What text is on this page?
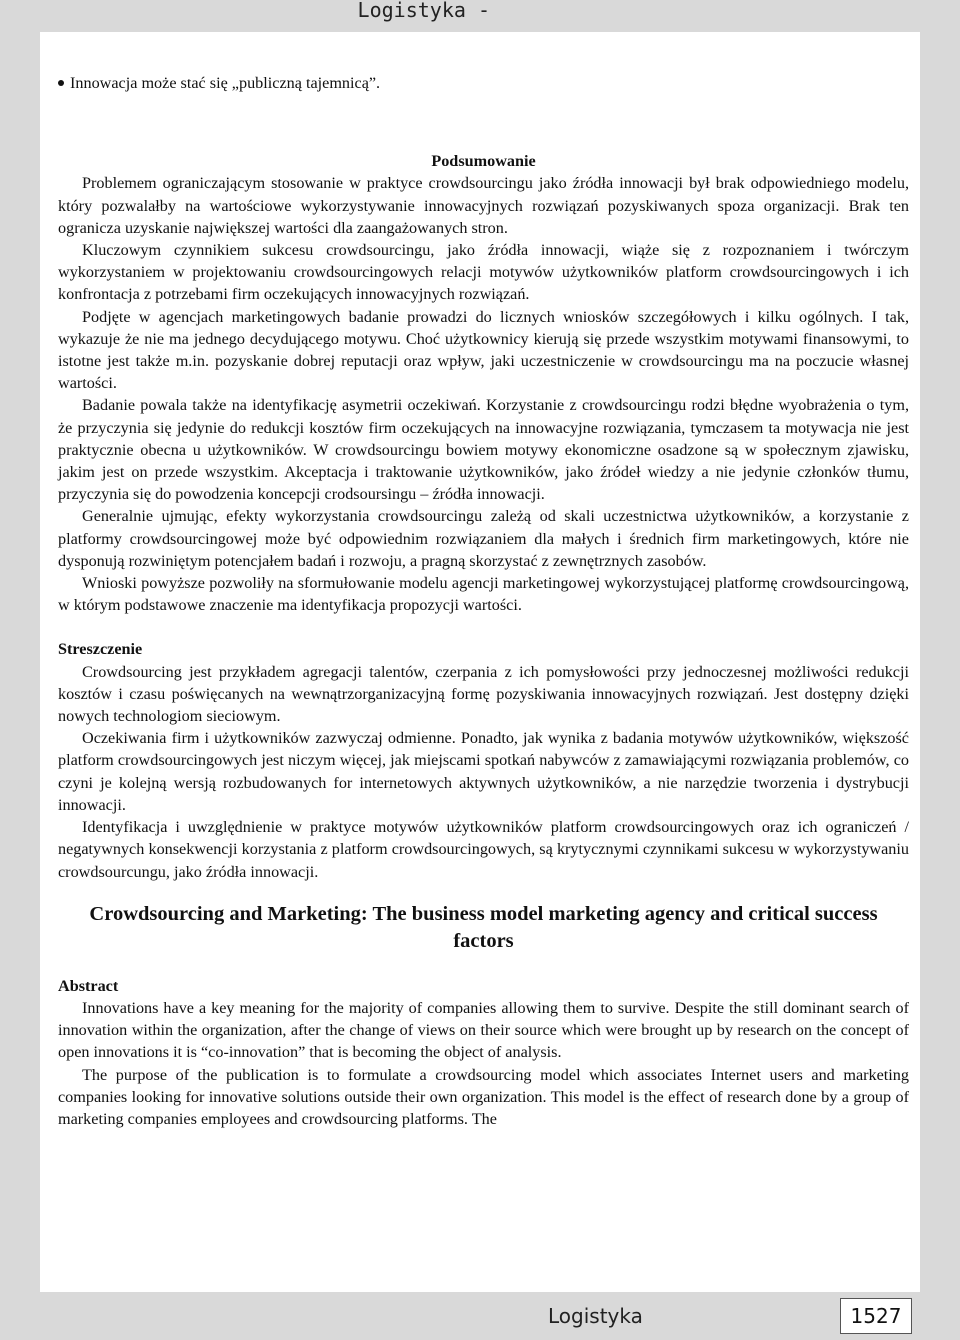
Logistyka -

Innowacja może stać się „publiczną tajemnicą”.

Podsumowanie

Problemem ograniczającym stosowanie w praktyce crowdsourcingu jako źródła innowacji był brak odpowiedniego modelu, który pozwalałby na wartościowe wykorzystywanie innowacyjnych rozwiązań pozyskiwanych spoza organizacji. Brak ten ogranicza uzyskanie największej wartości dla zaangażowanych stron.

Kluczowym czynnikiem sukcesu crowdsourcingu, jako źródła innowacji, wiąże się z rozpoznaniem i twórczym wykorzystaniem w projektowaniu crowdsourcingowych relacji motywów użytkowników platform crowdsourcingowych i ich konfrontacja z potrzebami firm oczekujących innowacyjnych rozwiązań.

Podjęte w agencjach marketingowych badanie prowadzi do licznych wniosków szczegółowych i kilku ogólnych. I tak, wykazuje że nie ma jednego decydującego motywu. Choć użytkownicy kierują się przede wszystkim motywami finansowymi, to istotne jest także m.in. pozyskanie dobrej reputacji oraz wpływ, jaki uczestniczenie w crowdsourcingu ma na poczucie własnej wartości.

Badanie powala także na identyfikację asymetrii oczekiwań. Korzystanie z crowdsourcingu rodzi błędne wyobrażenia o tym, że przyczynia się jedynie do redukcji kosztów firm oczekujących na innowacyjne rozwiązania, tymczasem ta motywacja nie jest praktycznie obecna u użytkowników. W crowdsourcingu bowiem motywy ekonomiczne osadzone są w społecznym zjawisku, jakim jest on przede wszystkim. Akceptacja i traktowanie użytkowników, jako źródeł wiedzy a nie jedynie członków tłumu, przyczynia się do powodzenia koncepcji crodsoursingu – źródła innowacji.

Generalnie ujmując, efekty wykorzystania crowdsourcingu zależą od skali uczestnictwa użytkowników, a korzystanie z platformy crowdsourcingowej może być odpowiednim rozwiązaniem dla małych i średnich firm marketingowych, które nie dysponują rozwiniętym potencjałem badań i rozwoju, a pragną skorzystać z zewnętrznych zasobów.

Wnioski powyższe pozwoliły na sformułowanie modelu agencji marketingowej wykorzystującej platformę crowdsourcingową, w którym podstawowe znaczenie ma identyfikacja propozycji wartości.

Streszczenie

Crowdsourcing jest przykładem agregacji talentów, czerpania z ich pomysłowości przy jednoczesnej możliwości redukcji kosztów i czasu poświęcanych na wewnątrzorganizacyjną formę pozyskiwania innowacyjnych rozwiązań. Jest dostępny dzięki nowych technologiom sieciowym.

Oczekiwania firm i użytkowników zazwyczaj odmienne. Ponadto, jak wynika z badania motywów użytkowników, większość platform crowdsourcingowych jest niczym więcej, jak miejscami spotkań nabywców z zamawiającymi rozwiązania problemów, co czyni je kolejną wersją rozbudowanych for internetowych aktywnych użytkowników, a nie narzędzie tworzenia i dystrybucji innowacji.

Identyfikacja i uwzględnienie w praktyce motywów użytkowników platform crowdsourcingowych oraz ich ograniczeń / negatywnych konsekwencji korzystania z platform crowdsourcingowych, są krytycznymi czynnikami sukcesu w wykorzystywaniu crowdsourcungu, jako źródła innowacji.

Crowdsourcing and Marketing: The business model marketing agency and critical success factors

Abstract

Innovations have a key meaning for the majority of companies allowing them to survive. Despite the still dominant search of innovation within the organization, after the change of views on their source which were brought up by research on the concept of open innovations it is “co-innovation” that is becoming the object of analysis.

The purpose of the publication is to formulate a crowdsourcing model which associates Internet users and marketing companies looking for innovative solutions outside their own organization. This model is the effect of research done by a group of marketing companies employees and crowdsourcing platforms. The

Logistyka	1527
